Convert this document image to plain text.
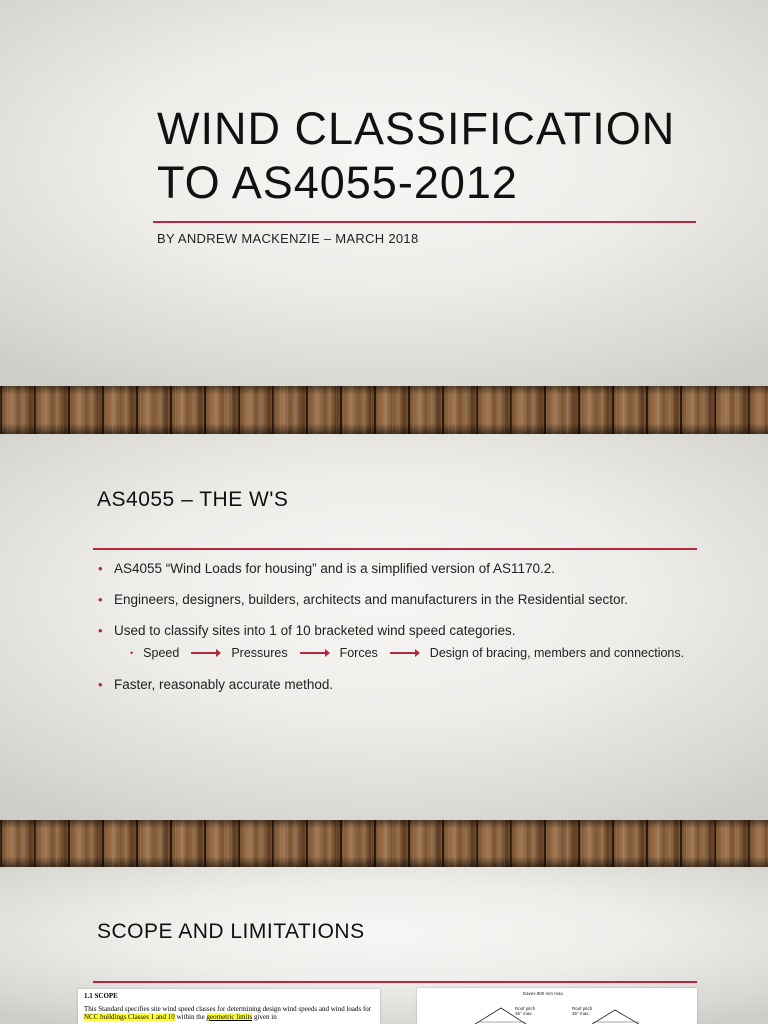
WIND CLASSIFICATION
TO AS4055-2012
BY ANDREW MACKENZIE – MARCH 2018
AS4055 – THE W'S
• AS4055 “Wind Loads for housing” and is a simplified version of AS1170.2.
• Engineers, designers, builders, architects and manufacturers in the Residential sector.
• Used to classify sites into 1 of 10 bracketed wind speed categories.
• Speed	Pressures	Forces	Design of bracing, members and connections.
• Faster, reasonably accurate method.
SCOPE AND LIMITATIONS
1.1 SCOPE
This Standard specifies site wind speed classes for determining design wind speeds and wind loads for NCC buildings Classes 1 and 10 within the geometric limits given in
Eaves 900 mm max.
Roof pitch
35° max.
Roof pitch
35° max.
